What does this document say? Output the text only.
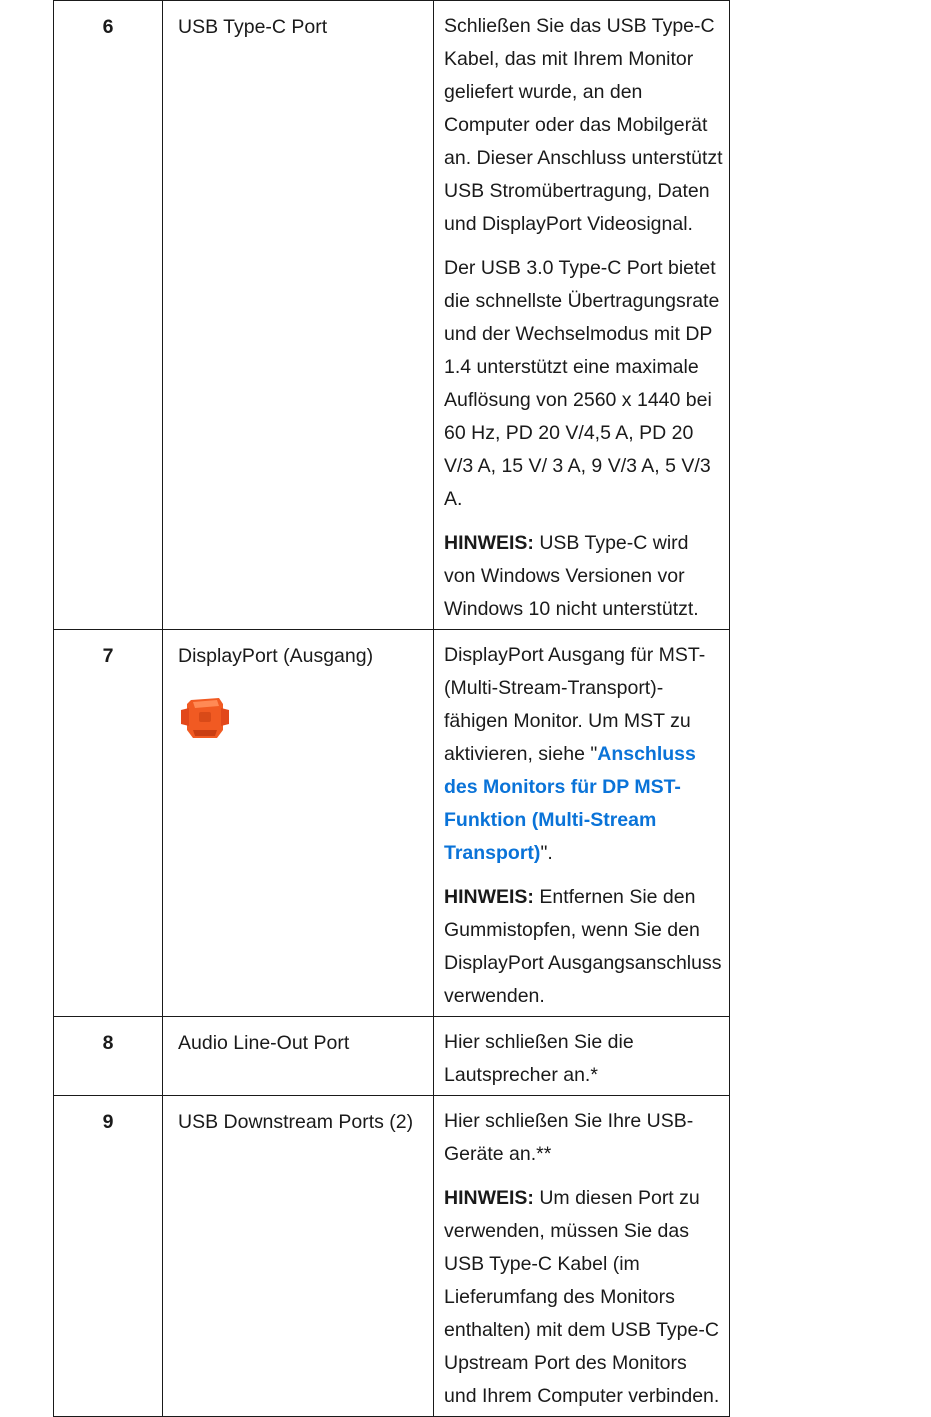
6	USB Type-C Port	Schließen Sie das USB Type-C Kabel, das mit Ihrem Monitor geliefert wurde, an den Computer oder das Mobilgerät an. Dieser Anschluss unterstützt USB Stromübertragung, Daten und DisplayPort Videosignal.

Der USB 3.0 Type-C Port bietet die schnellste Übertragungsrate und der Wechselmodus mit DP 1.4 unterstützt eine maximale Auflösung von 2560 x 1440 bei 60 Hz, PD 20 V/4,5 A, PD 20 V/3 A, 15 V/ 3 A, 9 V/3 A, 5 V/3 A.

HINWEIS: USB Type-C wird von Windows Versionen vor Windows 10 nicht unterstützt.

7	DisplayPort (Ausgang)	DisplayPort Ausgang für MST-(Multi-Stream-Transport)-fähigen Monitor. Um MST zu aktivieren, siehe "Anschluss des Monitors für DP MST-Funktion (Multi-Stream Transport)".

HINWEIS: Entfernen Sie den Gummistopfen, wenn Sie den DisplayPort Ausgangsanschluss verwenden.

8	Audio Line-Out Port	Hier schließen Sie die Lautsprecher an.*

9	USB Downstream Ports (2)	Hier schließen Sie Ihre USB-Geräte an.**

HINWEIS: Um diesen Port zu verwenden, müssen Sie das USB Type-C Kabel (im Lieferumfang des Monitors enthalten) mit dem USB Type-C Upstream Port des Monitors und Ihrem Computer verbinden.
